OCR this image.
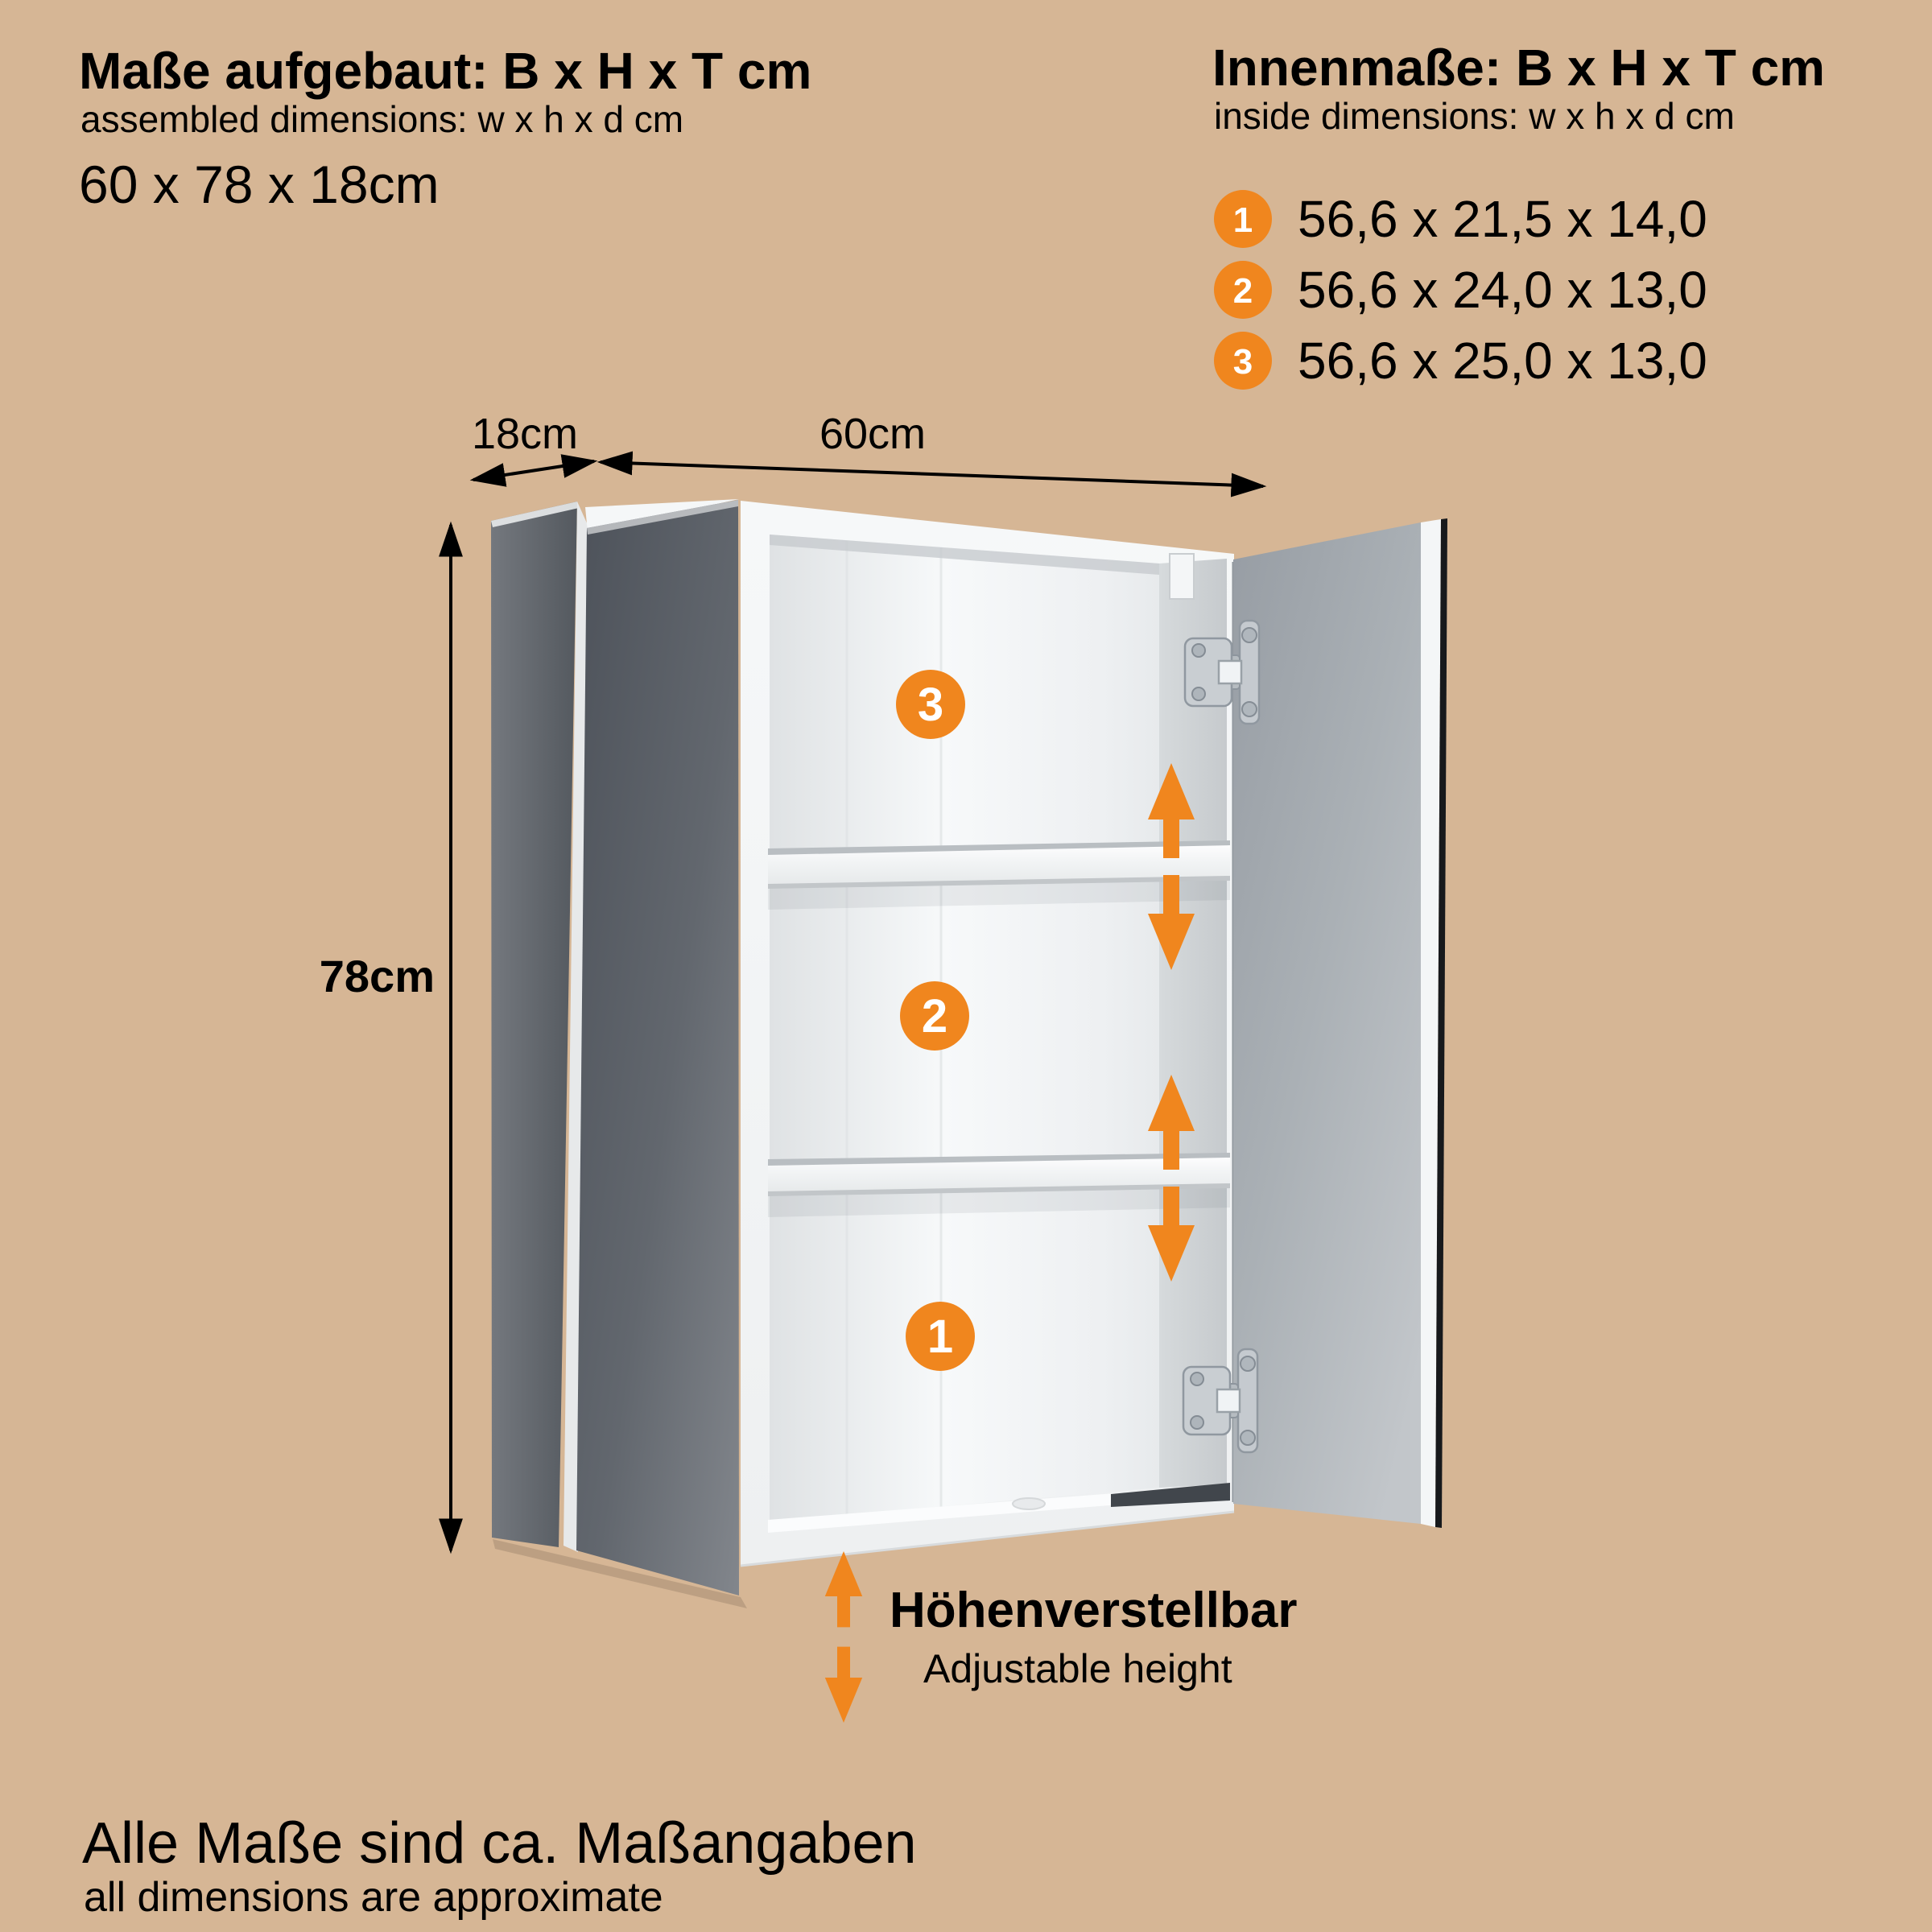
Maße aufgebaut: B x H x T cm
assembled dimensions: w x h x d cm
60 x 78 x 18cm
Innenmaße: B x H x T cm
inside dimensions: w x h x d cm
1 56,6 x 21,5 x 14,0
2 56,6 x 24,0 x 13,0
3 56,6 x 25,0 x 13,0
18cm	60cm
78cm
3
2
1
Höhenverstellbar
Adjustable height
Alle Maße sind ca. Maßangaben
all dimensions are approximate
